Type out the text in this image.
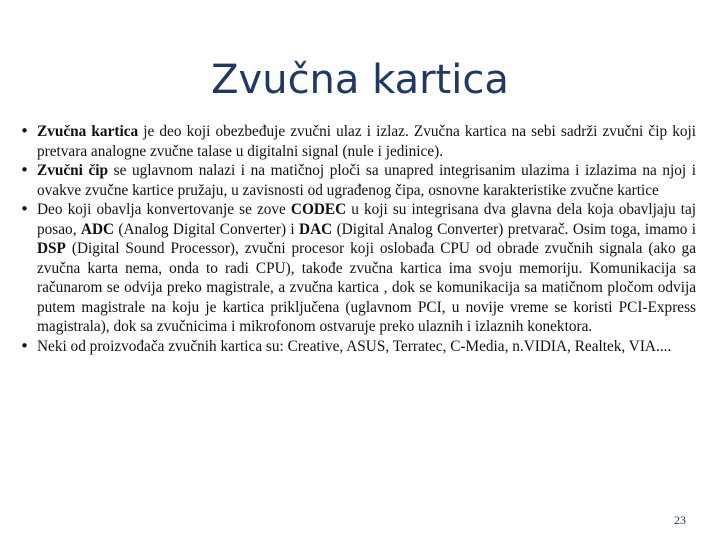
Zvučna kartica
• Zvučna kartica je deo koji obezbeđuje zvučni ulaz i izlaz. Zvučna kartica na sebi sadrži zvučni čip koji pretvara analogne zvučne talase u digitalni signal (nule i jedinice).
• Zvučni čip se uglavnom nalazi i na matičnoj ploči sa unapred integrisanim ulazima i izlazima na njoj i ovakve zvučne kartice pružaju, u zavisnosti od ugrađenog čipa, osnovne karakteristike zvučne kartice
• Deo koji obavlja konvertovanje se zove CODEC u koji su integrisana dva glavna dela koja obavljaju taj posao, ADC (Analog Digital Converter) i DAC (Digital Analog Converter) pretvarač. Osim toga, imamo i DSP (Digital Sound Processor), zvučni procesor koji oslobađa CPU od obrade zvučnih signala (ako ga zvučna karta nema, onda to radi CPU), takođe zvučna kartica ima svoju memoriju. Komunikacija sa računarom se odvija preko magistrale, a zvučna kartica , dok se komunikacija sa matičnom pločom odvija putem magistrale na koju je kartica priključena (uglavnom PCI, u novije vreme se koristi PCI-Express magistrala), dok sa zvučnicima i mikrofonom ostvaruje preko ulaznih i izlaznih konektora.
• Neki od proizvođača zvučnih kartica su: Creative, ASUS, Terratec, C-Media, n.VIDIA, Realtek, VIA....
23
